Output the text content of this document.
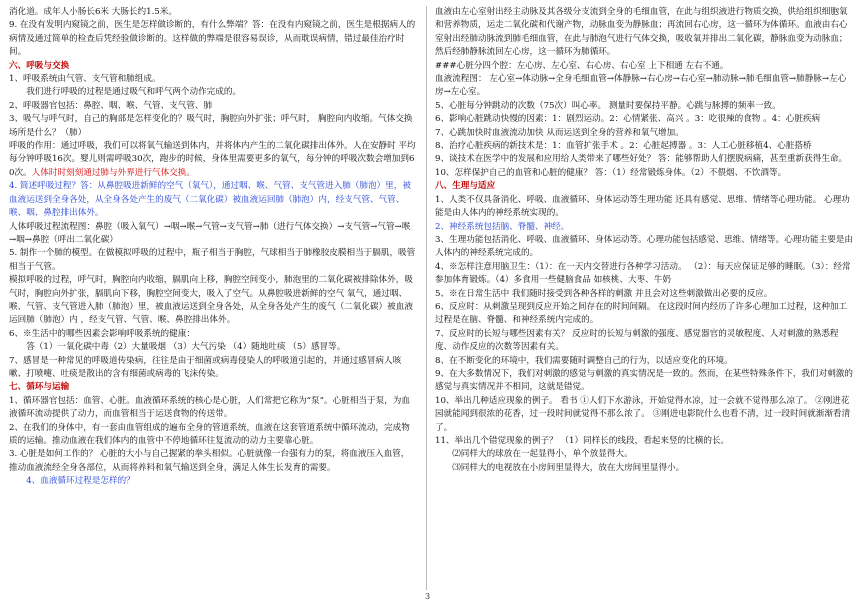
消化道。成年人小肠长6米 大肠长约1.5米。

9. 在没有发明内窥镜之前，医生是怎样做诊断的，有什么弊端？答：在没有内窥镜之前，医生是根据病人的病情及通过简单的检查后凭经验做诊断的。这样做的弊端是很容易误诊，从而耽误病情，错过最佳治疗时间。

六、呼吸与交换

1、呼吸系统由气管、支气管和肺组成。

我们进行呼吸的过程是通过吸气和呼气两个动作完成的。

2、呼吸器官包括：鼻腔、咽、喉、气管、支气管、肺

3、吸气与呼气时，自己的胸部是怎样变化的？吸气时，胸腔向外扩张；呼气时， 胸腔向内收缩。气体交换场所是什么？（肺）

呼吸的作用：通过呼吸，我们可以将氧气输送到体内，并将体内产生的二氧化碳排出体外。人在安静时 平均每分钟呼吸16次。婴儿则需呼吸30次，跑步的时候，身体里需要更多的氧气，每分钟的呼吸次数会增加到60次。人体时时刻刻通过肺与外界进行气体交换。

4. 简述呼吸过程？答：从鼻腔吸进新鲜的空气（氧气），通过咽、喉、气管、支气管进入肺（肺泡）里，被血液运送到全身各处，从全身各处产生的废气（二氧化碳）被血液运回肺（肺泡）内，经支气管、气管、喉、咽、鼻腔排出体外。

人体呼吸过程流程图：鼻腔（吸入氧气）→咽→喉→气管→支气管→肺（进行气体交换）→支气管→气管→喉→咽→鼻腔（呼出二氧化碳）

5. 制作一个肺的模型。在做模拟呼吸的过程中，瓶子相当于胸腔，气球相当于肺橡胶皮膜相当于膈肌，吸管相当于气管。

模拟呼吸的过程，呼气时，胸腔向内收缩，膈肌向上移，胸腔空间变小，肺泡里的二氧化碳被排除体外，吸气时，胸腔向外扩张，膈肌向下移，胸腔空间变大，吸入了空气。从鼻腔吸进新鲜的空气 氧气，通过咽、喉、气管、支气管进入肺（肺泡）里，被血液运送到全身各处，从全身各处产生的废气（二氧化碳）被血液运回肺（肺泡）内 ，经支气管、气管、喉、鼻腔排出体外。

6、※生活中的哪些因素会影响呼吸系统的健康：

答（1）一氧化碳中毒（2）大量吸烟 （3）大气污染 （4）随地吐痰 （5）感冒等。

7、感冒是一种常见的呼吸道传染病，往往是由于细菌或病毒侵染人的呼吸道引起的，并通过感冒病人咳嗽、打喷嚏、吐痰是散出的含有细菌或病毒的飞沫传染。

七、循环与运输

1、循环器官包括：血管、心脏。血液循环系统的核心是心脏，人们常把它称为“泵”。心脏相当于泵，为血液循环流动提供了动力，而血管相当于运送食物的传送带。

2、在我们的身体中，有一套由血管组成的遍布全身的管道系统，血液在这套管道系统中循环流动，完成物质的运输。推动血液在我们体内的血管中不停地循环往复流动的动力主要靠心脏。

3. 心脏是如何工作的？ 心脏的大小与自己握紧的拳头相似。心脏就像一台强有力的泵，将血液压入血管，推动血液流经全身各部位，从而将养料和氧气输送到全身，满足人体生长发育的需要。

4、血液循环过程是怎样的？

血液由左心室射出经主动脉及其各级分支流到全身的毛细血管，在此与组织液进行物质交换，供给组织细胞氧和营养物质，运走二氧化碳和代谢产物，动脉血变为静脉血；再流回右心房，这一循环为体循环。血液由右心室射出经肺动脉流到肺毛细血管，在此与肺泡气进行气体交换，吸收氧并排出二氧化碳，静脉血变为动脉血；然后经肺静脉流回左心房，这一循环为肺循环。

###心脏分四个腔：左心房、左心室、右心房、右心室 上下相通 左右不通。

血液流程图： 左心室→体动脉→全身毛细血管→体静脉→右心房→右心室→肺动脉→肺毛细血管→肺静脉→左心房→左心室。

5、心脏每分钟跳动的次数（75次）叫心率。 测量时要保持平静。心跳与脉搏的频率一致。

6、影响心脏跳动快慢的因素：1：剧烈运动。2：心情紧张、高兴 。3：吃很辣的食物 。4：心脏疾病

7、心跳加快时血液流动加快 从而运送到全身的营养和氧气增加。

8、治疗心脏疾病的新技术是：1：血管扩张手术 。2：心脏起搏器 。3：人工心脏移植4、心脏搭桥

9、谈技术在医学中的发展和应用给人类带来了哪些好处？ 答：能够帮助人们摆脱病痛，甚至重新获得生命。

10、怎样保护自己的血管和心脏的健康？ 答：（1）经常锻炼身体。（2）不偎烟、不饮酒等。

八、生理与适应

1、人类不仅具备消化、呼吸、血液循环、身体运动等生理功能 还具有感觉、思维、情绪等心理功能。 心理功能是由人体内的神经系统实现的。

2、神经系统包括脑、脊髓、神经。

3、生理功能包括消化、呼吸、血液循环、身体运动等。心理功能包括感觉、思维、情绪等。心理功能主要是由人体内的神经系统完成的。

4、※怎样注意用脑卫生：（1）：在一天内交替进行各种学习活动。 （2）：每天应保证足够的睡眠。（3）：经常参加体育锻炼。（4）多食用一些健脑食品 如核桃、大枣、牛奶

5、※在日常生活中 我们随时接受到各种各样的刺激 并且会对这些刺激做出必要的反应。

6、反应时：从刺激呈现到反应开始之间存在的时间间隔。 在这段时间内经历了许多心理加工过程，这种加工过程是在脑、脊髓、和神经系统内完成的。

7、反应时的长短与哪些因素有关？ 反应时的长短与刺激的强度、感觉器官的灵敏程度、人对刺激的熟悉程度、动作反应的次数等因素有关。

8、在不断变化的环境中，我们需要随时调整自己的行为，以适应变化的环境。

9、在大多数情况下，我们对刺激的感觉与刺激的真实情况是一致的。然而，在某些特殊条件下，我们对刺激的感觉与真实情况并不相同，这就是错觉。

10、举出几种适应现象的例子。 看书 ①人们下水游泳，开始觉得水凉，过一会就不觉得那么凉了。 ②刚进花园就能闻到很浓的花香，过一段时间就觉得不那么浓了。 ③刚进电影院什么也看不清，过一段时间就渐渐看清了。

11、举出几个错觉现象的例子？ （1）同样长的线段，看起来竖的比横的长。

⑵同样大的球放在一起显得小，单个放显得大。

⑶同样大的电视放在小房间里显得大，放在大房间里显得小。

3
